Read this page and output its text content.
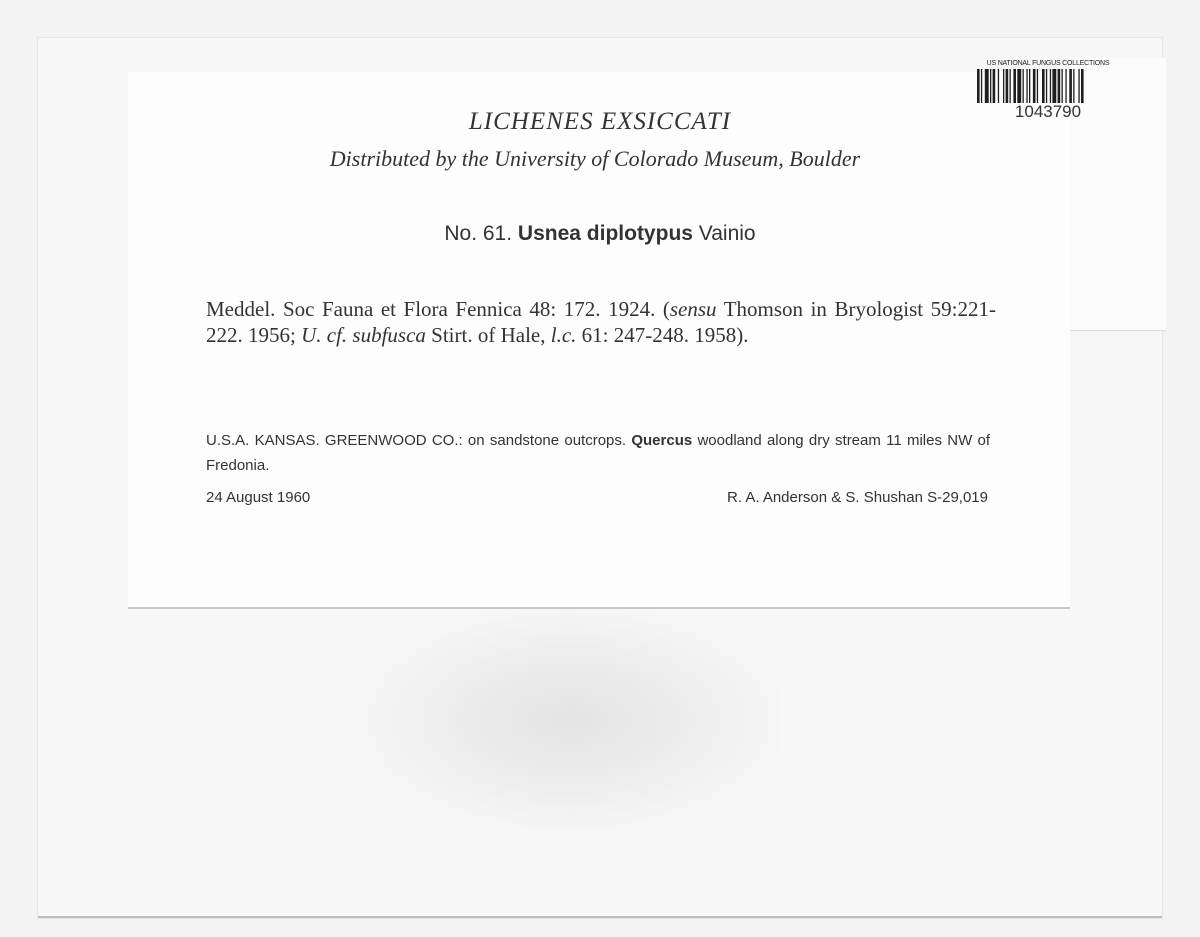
US NATIONAL FUNGUS COLLECTIONS
1043790
LICHENES EXSICCATI
Distributed by the University of Colorado Museum, Boulder
No. 61. Usnea diplotypus Vainio
Meddel. Soc Fauna et Flora Fennica 48: 172. 1924. (sensu Thomson in Bryologist 59:221-222. 1956; U. cf. subfusca Stirt. of Hale, l.c. 61: 247-248. 1958).
U.S.A. KANSAS. GREENWOOD CO.: on sandstone outcrops. Quercus woodland along dry stream 11 miles NW of Fredonia.
24 August 1960	R. A. Anderson & S. Shushan S-29,019
